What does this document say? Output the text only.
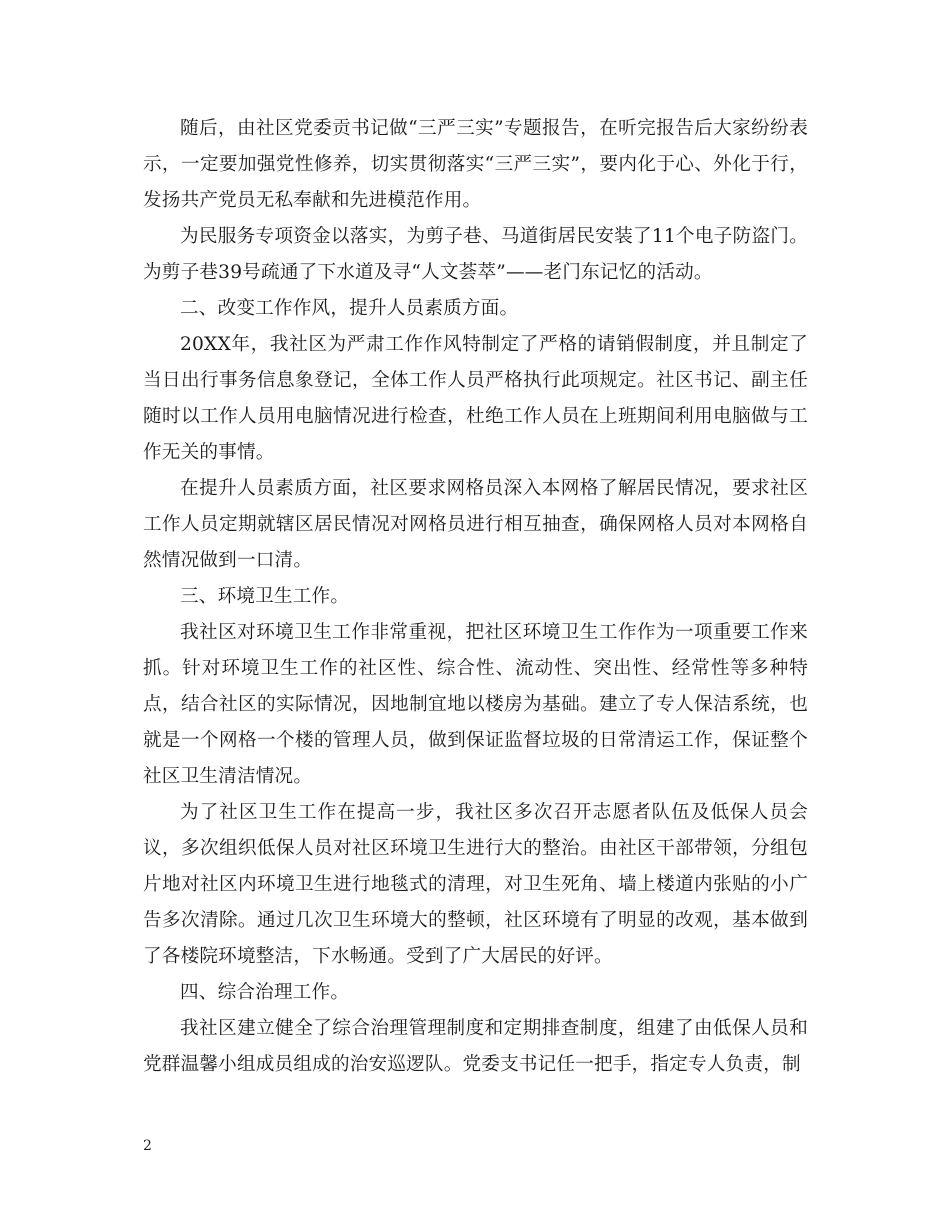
随后，由社区党委贡书记做“三严三实”专题报告，在听完报告后大家纷纷表示，一定要加强党性修养，切实贯彻落实“三严三实”，要内化于心、外化于行，发扬共产党员无私奉献和先进模范作用。

为民服务专项资金以落实，为剪子巷、马道街居民安装了11个电子防盗门。为剪子巷39号疏通了下水道及寻“人文荟萃”——老门东记忆的活动。

二、改变工作作风，提升人员素质方面。

20XX年，我社区为严肃工作作风特制定了严格的请销假制度，并且制定了当日出行事务信息象登记，全体工作人员严格执行此项规定。社区书记、副主任随时以工作人员用电脑情况进行检查，杜绝工作人员在上班期间利用电脑做与工作无关的事情。

在提升人员素质方面，社区要求网格员深入本网格了解居民情况，要求社区工作人员定期就辖区居民情况对网格员进行相互抽查，确保网格人员对本网格自然情况做到一口清。

三、环境卫生工作。

我社区对环境卫生工作非常重视，把社区环境卫生工作作为一项重要工作来抓。针对环境卫生工作的社区性、综合性、流动性、突出性、经常性等多种特点，结合社区的实际情况，因地制宜地以楼房为基础。建立了专人保洁系统，也就是一个网格一个楼的管理人员，做到保证监督垃圾的日常清运工作，保证整个社区卫生清洁情况。

为了社区卫生工作在提高一步，我社区多次召开志愿者队伍及低保人员会议，多次组织低保人员对社区环境卫生进行大的整治。由社区干部带领，分组包片地对社区内环境卫生进行地毯式的清理，对卫生死角、墙上楼道内张贴的小广告多次清除。通过几次卫生环境大的整顿，社区环境有了明显的改观，基本做到了各楼院环境整洁，下水畅通。受到了广大居民的好评。

四、综合治理工作。

我社区建立健全了综合治理管理制度和定期排查制度，组建了由低保人员和党群温馨小组成员组成的治安巡逻队。党委支书记任一把手，指定专人负责，制

2
